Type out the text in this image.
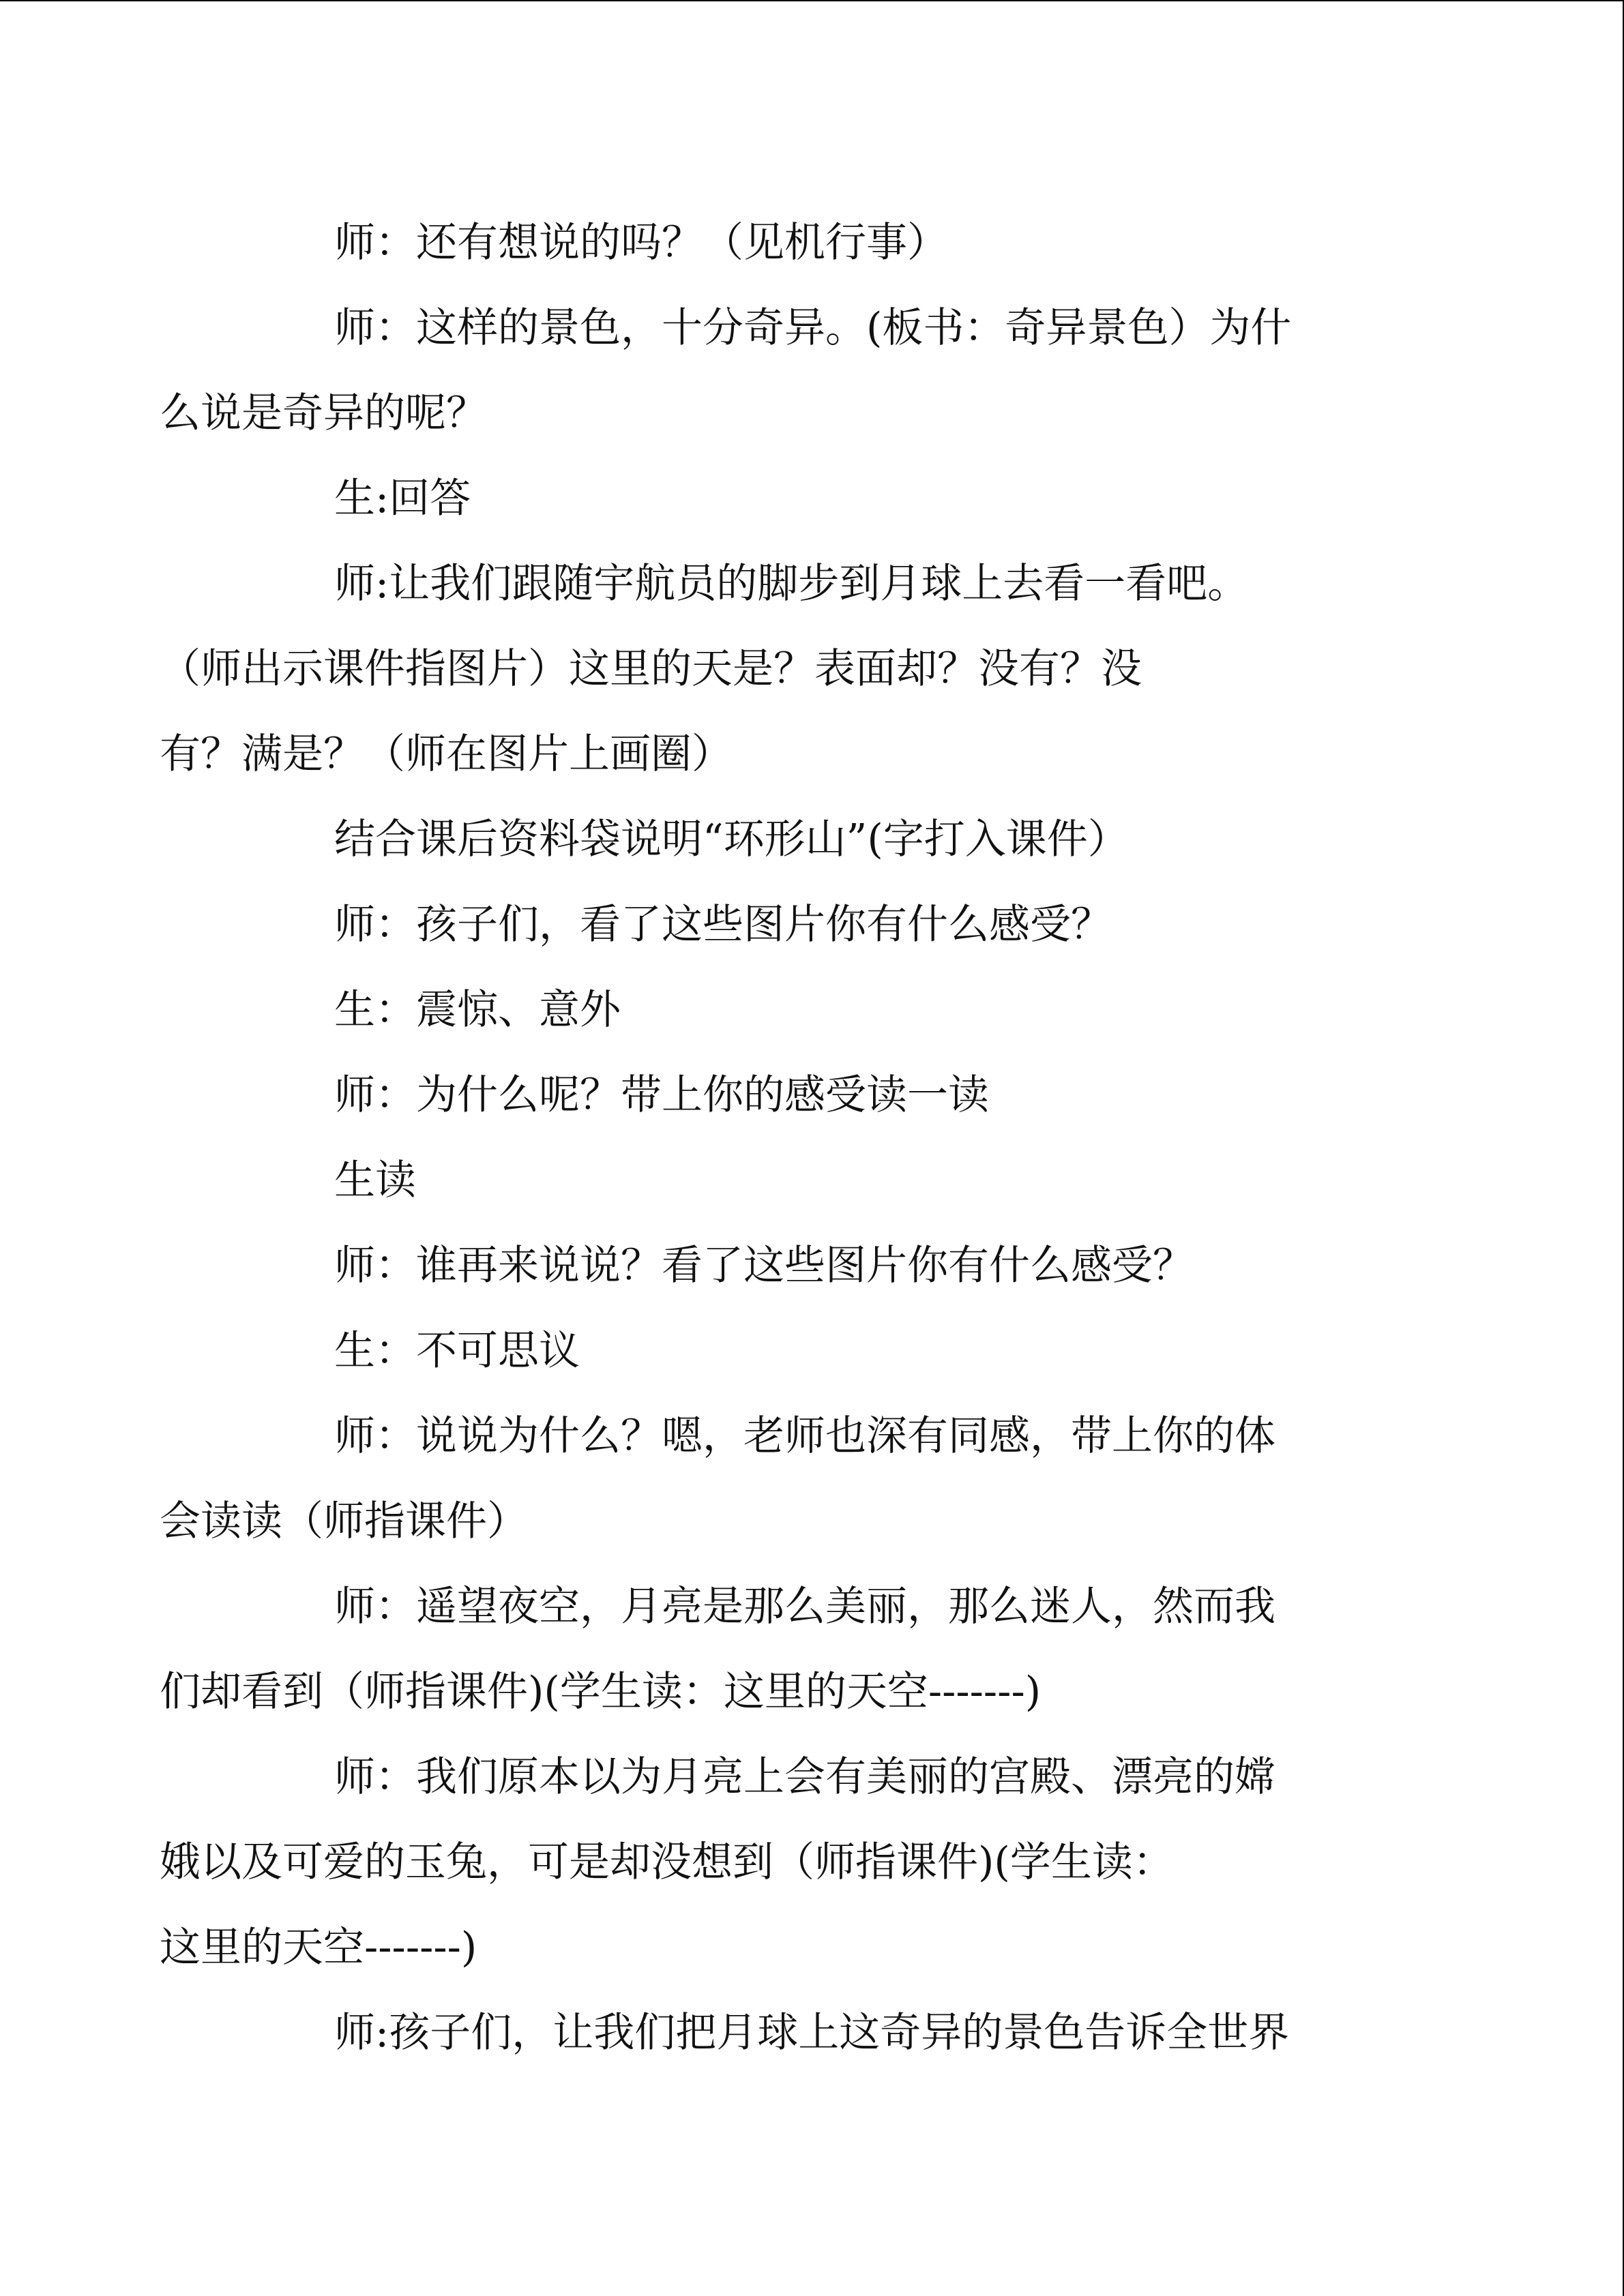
师：还有想说的吗？（见机行事）

师：这样的景色，十分奇异。(板书：奇异景色）为什
么说是奇异的呢？

生:回答

师:让我们跟随宇航员的脚步到月球上去看一看吧。
（师出示课件指图片）这里的天是？表面却？没有？没
有？满是？（师在图片上画圈）

结合课后资料袋说明“环形山”(字打入课件）

师：孩子们，看了这些图片你有什么感受？

生：震惊、意外

师：为什么呢？带上你的感受读一读

生读

师：谁再来说说？看了这些图片你有什么感受？

生：不可思议

师：说说为什么？嗯，老师也深有同感，带上你的体
会读读（师指课件）

师：遥望夜空，月亮是那么美丽，那么迷人，然而我
们却看到（师指课件)(学生读：这里的天空-------)

师：我们原本以为月亮上会有美丽的宫殿、漂亮的嫦
娥以及可爱的玉兔，可是却没想到（师指课件)(学生读：
这里的天空-------)

师:孩子们，让我们把月球上这奇异的景色告诉全世界
